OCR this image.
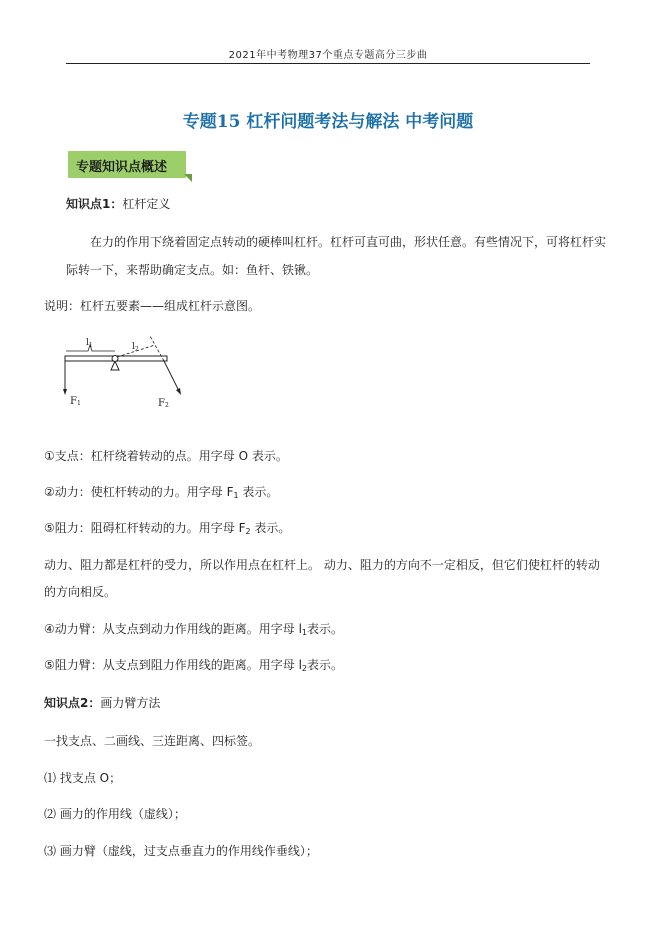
2021年中考物理37个重点专题高分三步曲
专题15 杠杆问题考法与解法 中考问题
专题知识点概述
知识点1：杠杆定义
在力的作用下绕着固定点转动的硬棒叫杠杆。杠杆可直可曲，形状任意。有些情况下，可将杠杆实
际转一下，来帮助确定支点。如：鱼杆、铁锹。
说明：杠杆五要素——组成杠杆示意图。
$l_1$	$l_2$
F1	F2
①支点：杠杆绕着转动的点。用字母 O 表示。
②动力：使杠杆转动的力。用字母 $F_1$ 表示。
⑤阻力：阻碍杠杆转动的力。用字母 $F_2$ 表示。
动力、阻力都是杠杆的受力，所以作用点在杠杆上。 动力、阻力的方向不一定相反，但它们使杠杆的转动
的方向相反。
④动力臂：从支点到动力作用线的距离。用字母 $l_1$表示。
⑤阻力臂：从支点到阻力作用线的距离。用字母 $l_2$表示。
知识点2：画力臂方法
一找支点、二画线、三连距离、四标签。
⑴ 找支点 O；
⑵ 画力的作用线（虚线）；
⑶ 画力臂（虚线，过支点垂直力的作用线作垂线）；
